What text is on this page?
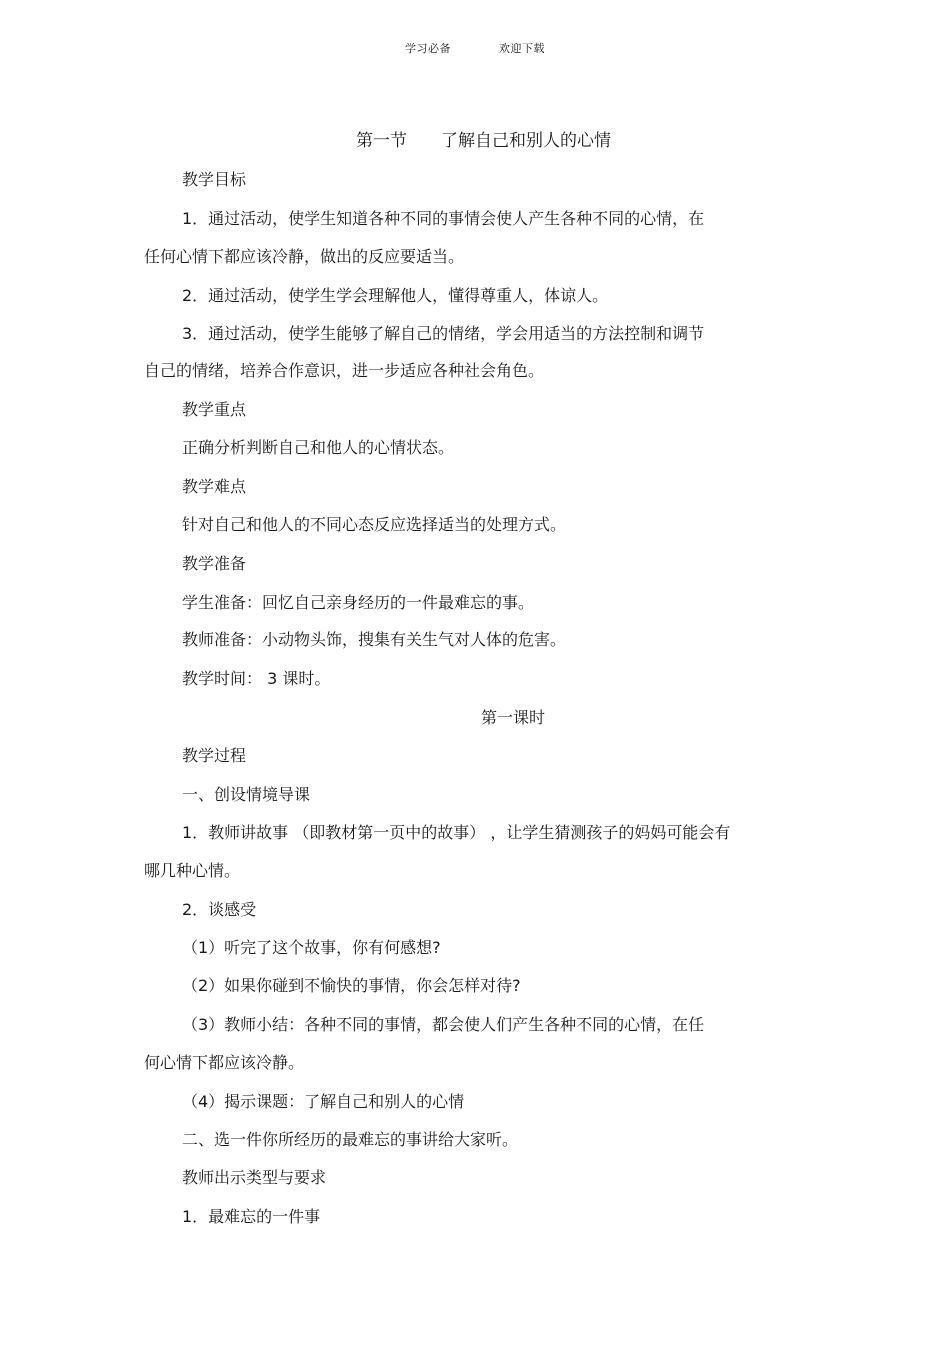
学习必备	欢迎下载
第一节 了解自己和别人的心情
教学目标
1．通过活动，使学生知道各种不同的事情会使人产生各种不同的心情，在
任何心情下都应该冷静，做出的反应要适当。
2．通过活动，使学生学会理解他人，懂得尊重人，体谅人。
3．通过活动，使学生能够了解自己的情绪，学会用适当的方法控制和调节
自己的情绪，培养合作意识，进一步适应各种社会角色。
教学重点
正确分析判断自己和他人的心情状态。
教学难点
针对自己和他人的不同心态反应选择适当的处理方式。
教学准备
学生准备：回忆自己亲身经历的一件最难忘的事。
教师准备：小动物头饰，搜集有关生气对人体的危害。
教学时间： 3 课时。
第一课时
教学过程
一、创设情境导课
1．教师讲故事 （即教材第一页中的故事） ，让学生猜测孩子的妈妈可能会有
哪几种心情。
2．谈感受
（1）听完了这个故事，你有何感想?
（2）如果你碰到不愉快的事情，你会怎样对待?
（3）教师小结：各种不同的事情，都会使人们产生各种不同的心情，在任
何心情下都应该冷静。
（4）揭示课题：了解自己和别人的心情
二、选一件你所经历的最难忘的事讲给大家听。
教师出示类型与要求
1．最难忘的一件事
